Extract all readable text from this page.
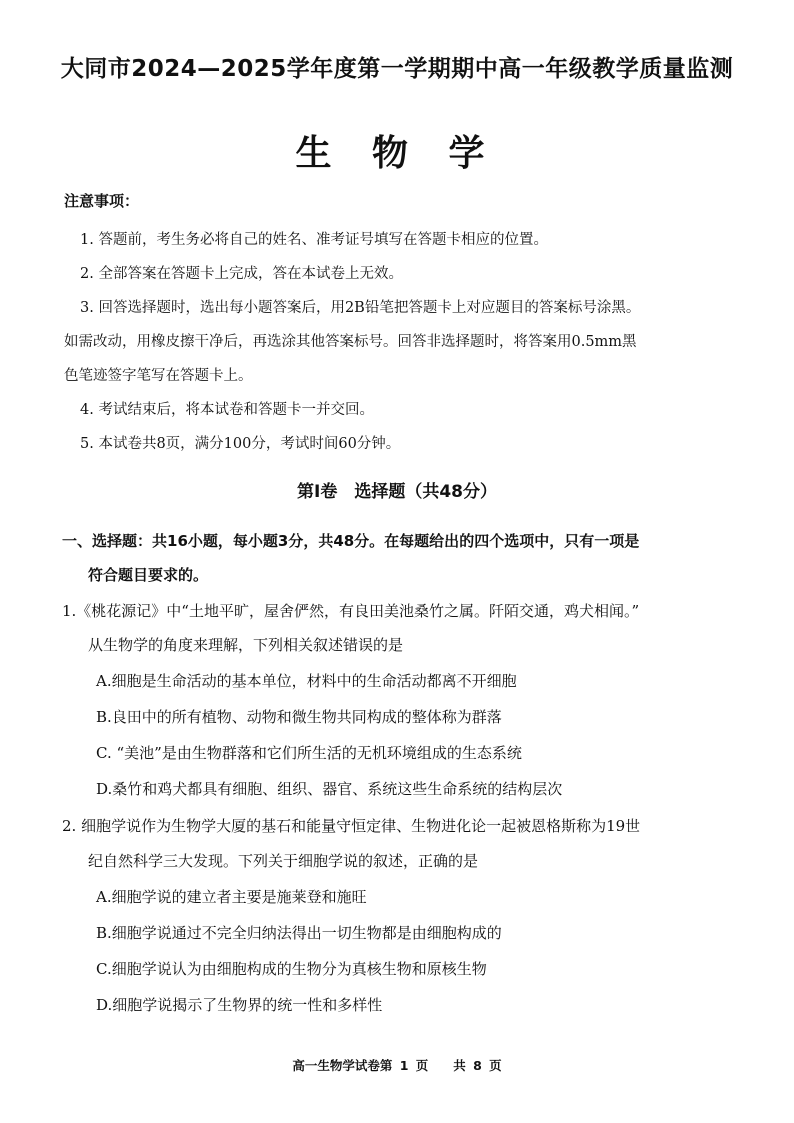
大同市2024—2025学年度第一学期期中高一年级教学质量监测
生 物 学
注意事项：
1. 答题前，考生务必将自己的姓名、准考证号填写在答题卡相应的位置。
2. 全部答案在答题卡上完成，答在本试卷上无效。
3. 回答选择题时，选出每小题答案后，用2B铅笔把答题卡上对应题目的答案标号涂黑。
如需改动，用橡皮擦干净后，再选涂其他答案标号。回答非选择题时，将答案用0.5mm黑
色笔迹签字笔写在答题卡上。
4. 考试结束后，将本试卷和答题卡一并交回。
5. 本试卷共8页，满分100分，考试时间60分钟。
第Ⅰ卷　选择题（共48分）
一、选择题：共16小题，每小题3分，共48分。在每题给出的四个选项中，只有一项是
符合题目要求的。
1.《桃花源记》中“土地平旷，屋舍俨然，有良田美池桑竹之属。阡陌交通，鸡犬相闻。”
从生物学的角度来理解，下列相关叙述错误的是
A.细胞是生命活动的基本单位，材料中的生命活动都离不开细胞
B.良田中的所有植物、动物和微生物共同构成的整体称为群落
C. “美池”是由生物群落和它们所生活的无机环境组成的生态系统
D.桑竹和鸡犬都具有细胞、组织、器官、系统这些生命系统的结构层次
2. 细胞学说作为生物学大厦的基石和能量守恒定律、生物进化论一起被恩格斯称为19世
纪自然科学三大发现。下列关于细胞学说的叙述，正确的是
A.细胞学说的建立者主要是施莱登和施旺
B.细胞学说通过不完全归纳法得出一切生物都是由细胞构成的
C.细胞学说认为由细胞构成的生物分为真核生物和原核生物
D.细胞学说揭示了生物界的统一性和多样性
高一生物学试卷第 1 页　　共 8 页
